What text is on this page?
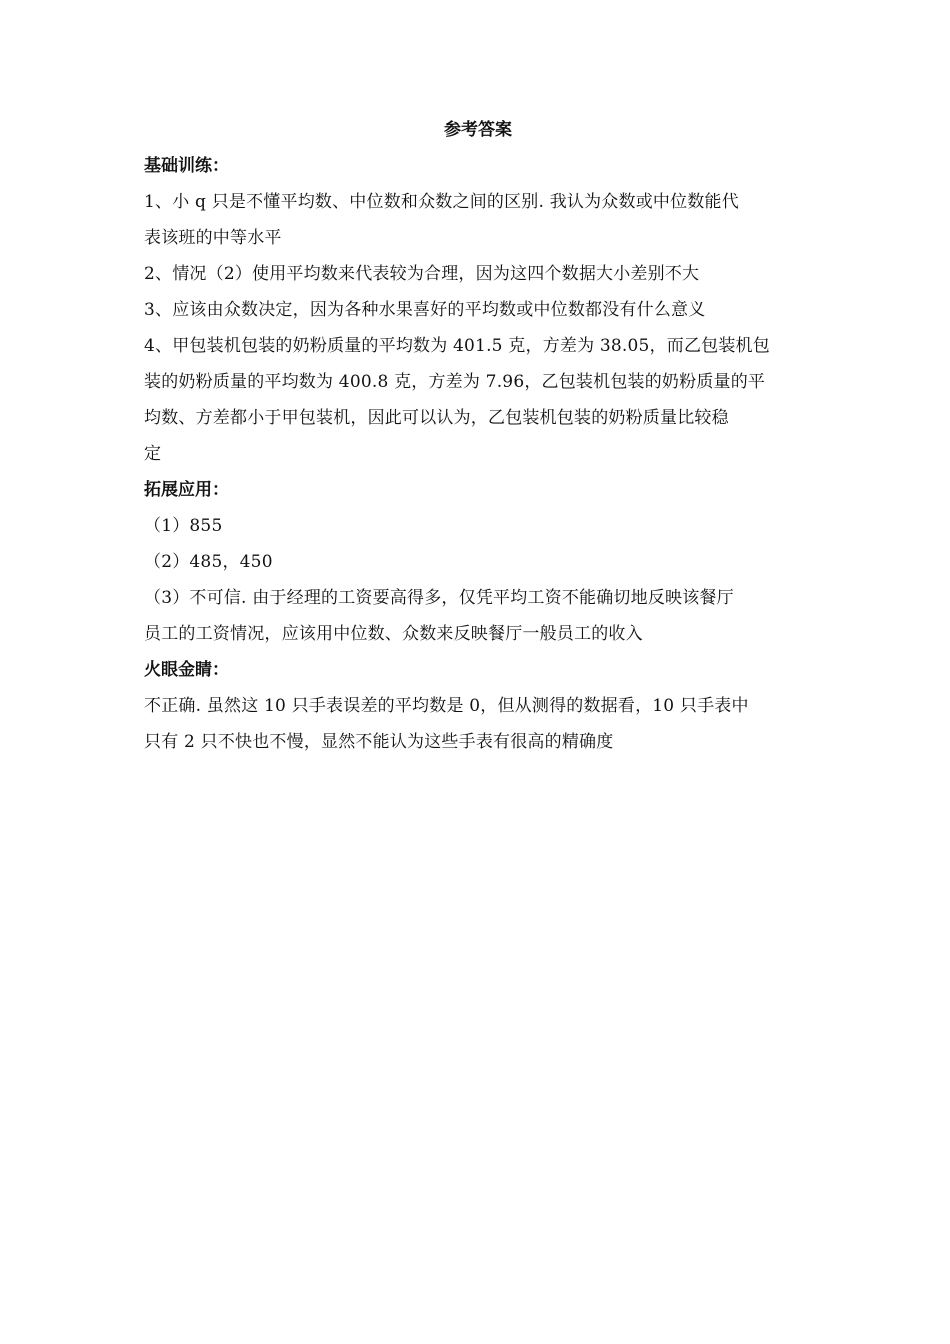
参考答案
基础训练：
1、小 q 只是不懂平均数、中位数和众数之间的区别. 我认为众数或中位数能代
表该班的中等水平
2、情况（2）使用平均数来代表较为合理，因为这四个数据大小差别不大
3、应该由众数决定，因为各种水果喜好的平均数或中位数都没有什么意义
4、甲包装机包装的奶粉质量的平均数为 401.5 克，方差为 38.05，而乙包装机包
装的奶粉质量的平均数为 400.8 克，方差为 7.96，乙包装机包装的奶粉质量的平
均数、方差都小于甲包装机，因此可以认为，乙包装机包装的奶粉质量比较稳
定
拓展应用：
（1）855
（2）485，450
（3）不可信. 由于经理的工资要高得多，仅凭平均工资不能确切地反映该餐厅
员工的工资情况，应该用中位数、众数来反映餐厅一般员工的收入
火眼金睛：
不正确. 虽然这 10 只手表误差的平均数是 0，但从测得的数据看，10 只手表中
只有 2 只不快也不慢，显然不能认为这些手表有很高的精确度
